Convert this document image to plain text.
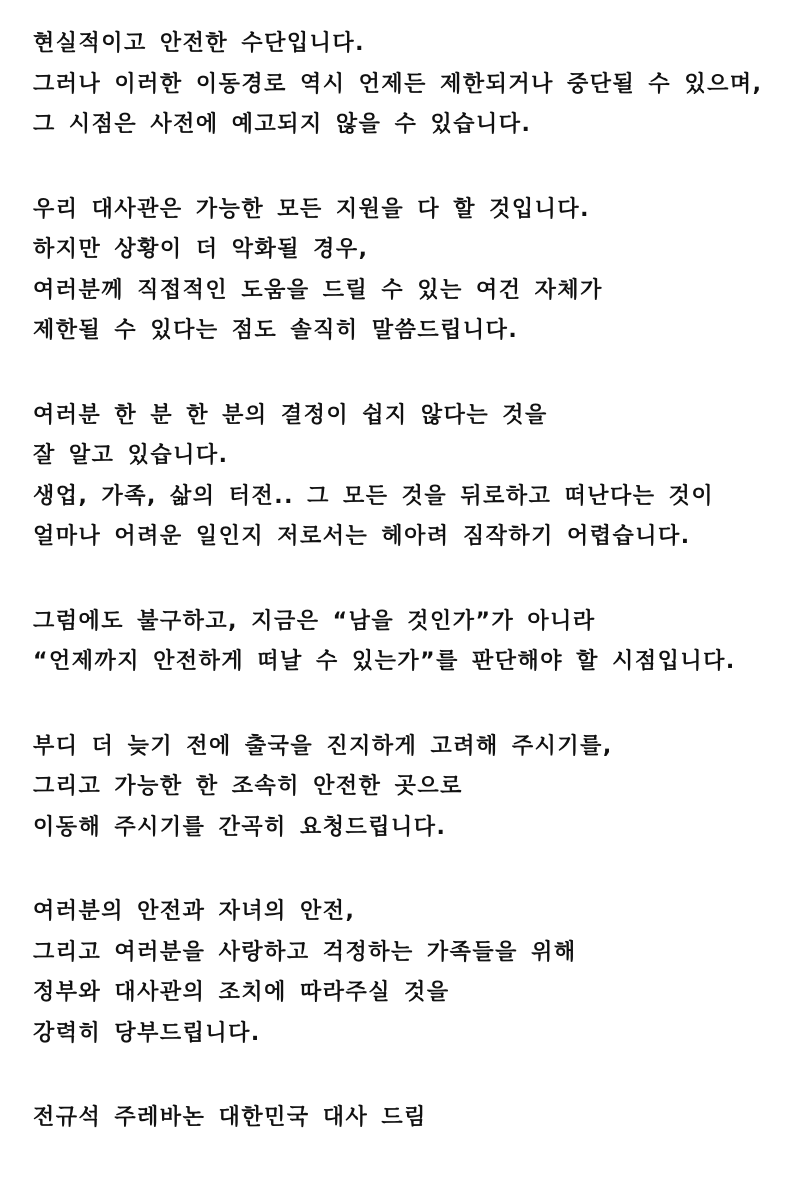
현실적이고 안전한 수단입니다.
그러나 이러한 이동경로 역시 언제든 제한되거나 중단될 수 있으며,
그 시점은 사전에 예고되지 않을 수 있습니다.
우리 대사관은 가능한 모든 지원을 다 할 것입니다.
하지만 상황이 더 악화될 경우,
여러분께 직접적인 도움을 드릴 수 있는 여건 자체가
제한될 수 있다는 점도 솔직히 말씀드립니다.
여러분 한 분 한 분의 결정이 쉽지 않다는 것을
잘 알고 있습니다.
생업, 가족, 삶의 터전.. 그 모든 것을 뒤로하고 떠난다는 것이
얼마나 어려운 일인지 저로서는 헤아려 짐작하기 어렵습니다.
그럼에도 불구하고, 지금은 “남을 것인가”가 아니라
“언제까지 안전하게 떠날 수 있는가”를 판단해야 할 시점입니다.
부디 더 늦기 전에 출국을 진지하게 고려해 주시기를,
그리고 가능한 한 조속히 안전한 곳으로
이동해 주시기를 간곡히 요청드립니다.
여러분의 안전과 자녀의 안전,
그리고 여러분을 사랑하고 걱정하는 가족들을 위해
정부와 대사관의 조치에 따라주실 것을
강력히 당부드립니다.
전규석 주레바논 대한민국 대사 드림
